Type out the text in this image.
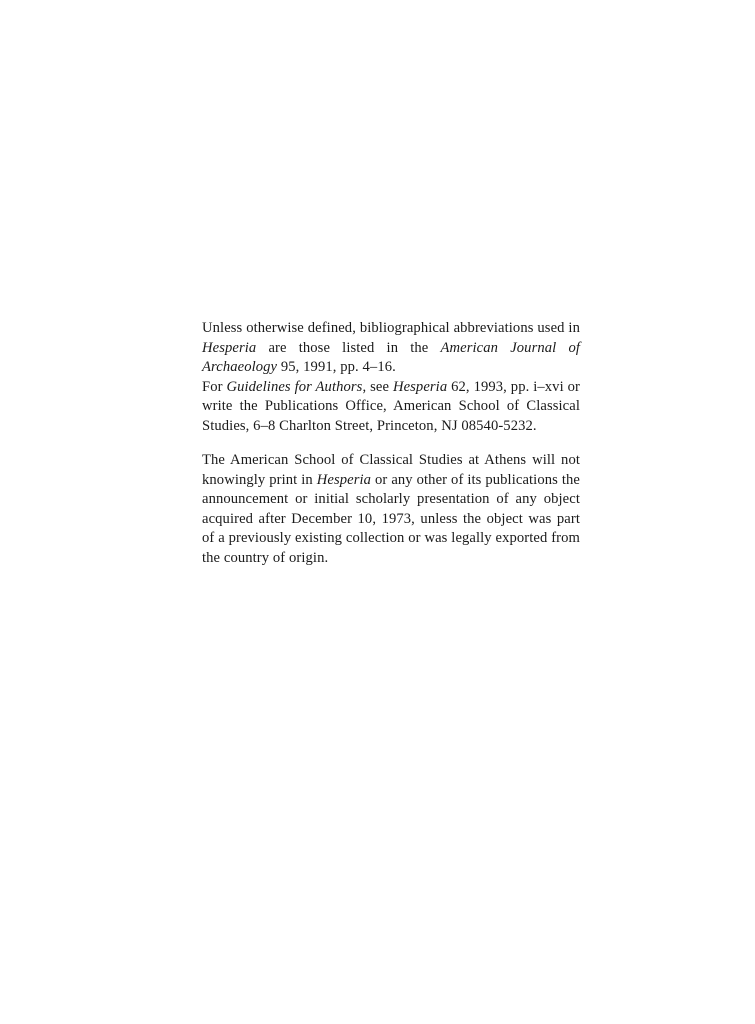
Unless otherwise defined, bibliographical abbreviations used in Hesperia are those listed in the American Journal of Archaeology 95, 1991, pp. 4–16.

For Guidelines for Authors, see Hesperia 62, 1993, pp. i–xvi or write the Publications Office, American School of Classical Studies, 6–8 Charlton Street, Princeton, NJ 08540-5232.

The American School of Classical Studies at Athens will not knowingly print in Hesperia or any other of its publications the announcement or initial scholarly presentation of any object acquired after December 10, 1973, unless the object was part of a previously existing collection or was legally exported from the country of origin.
